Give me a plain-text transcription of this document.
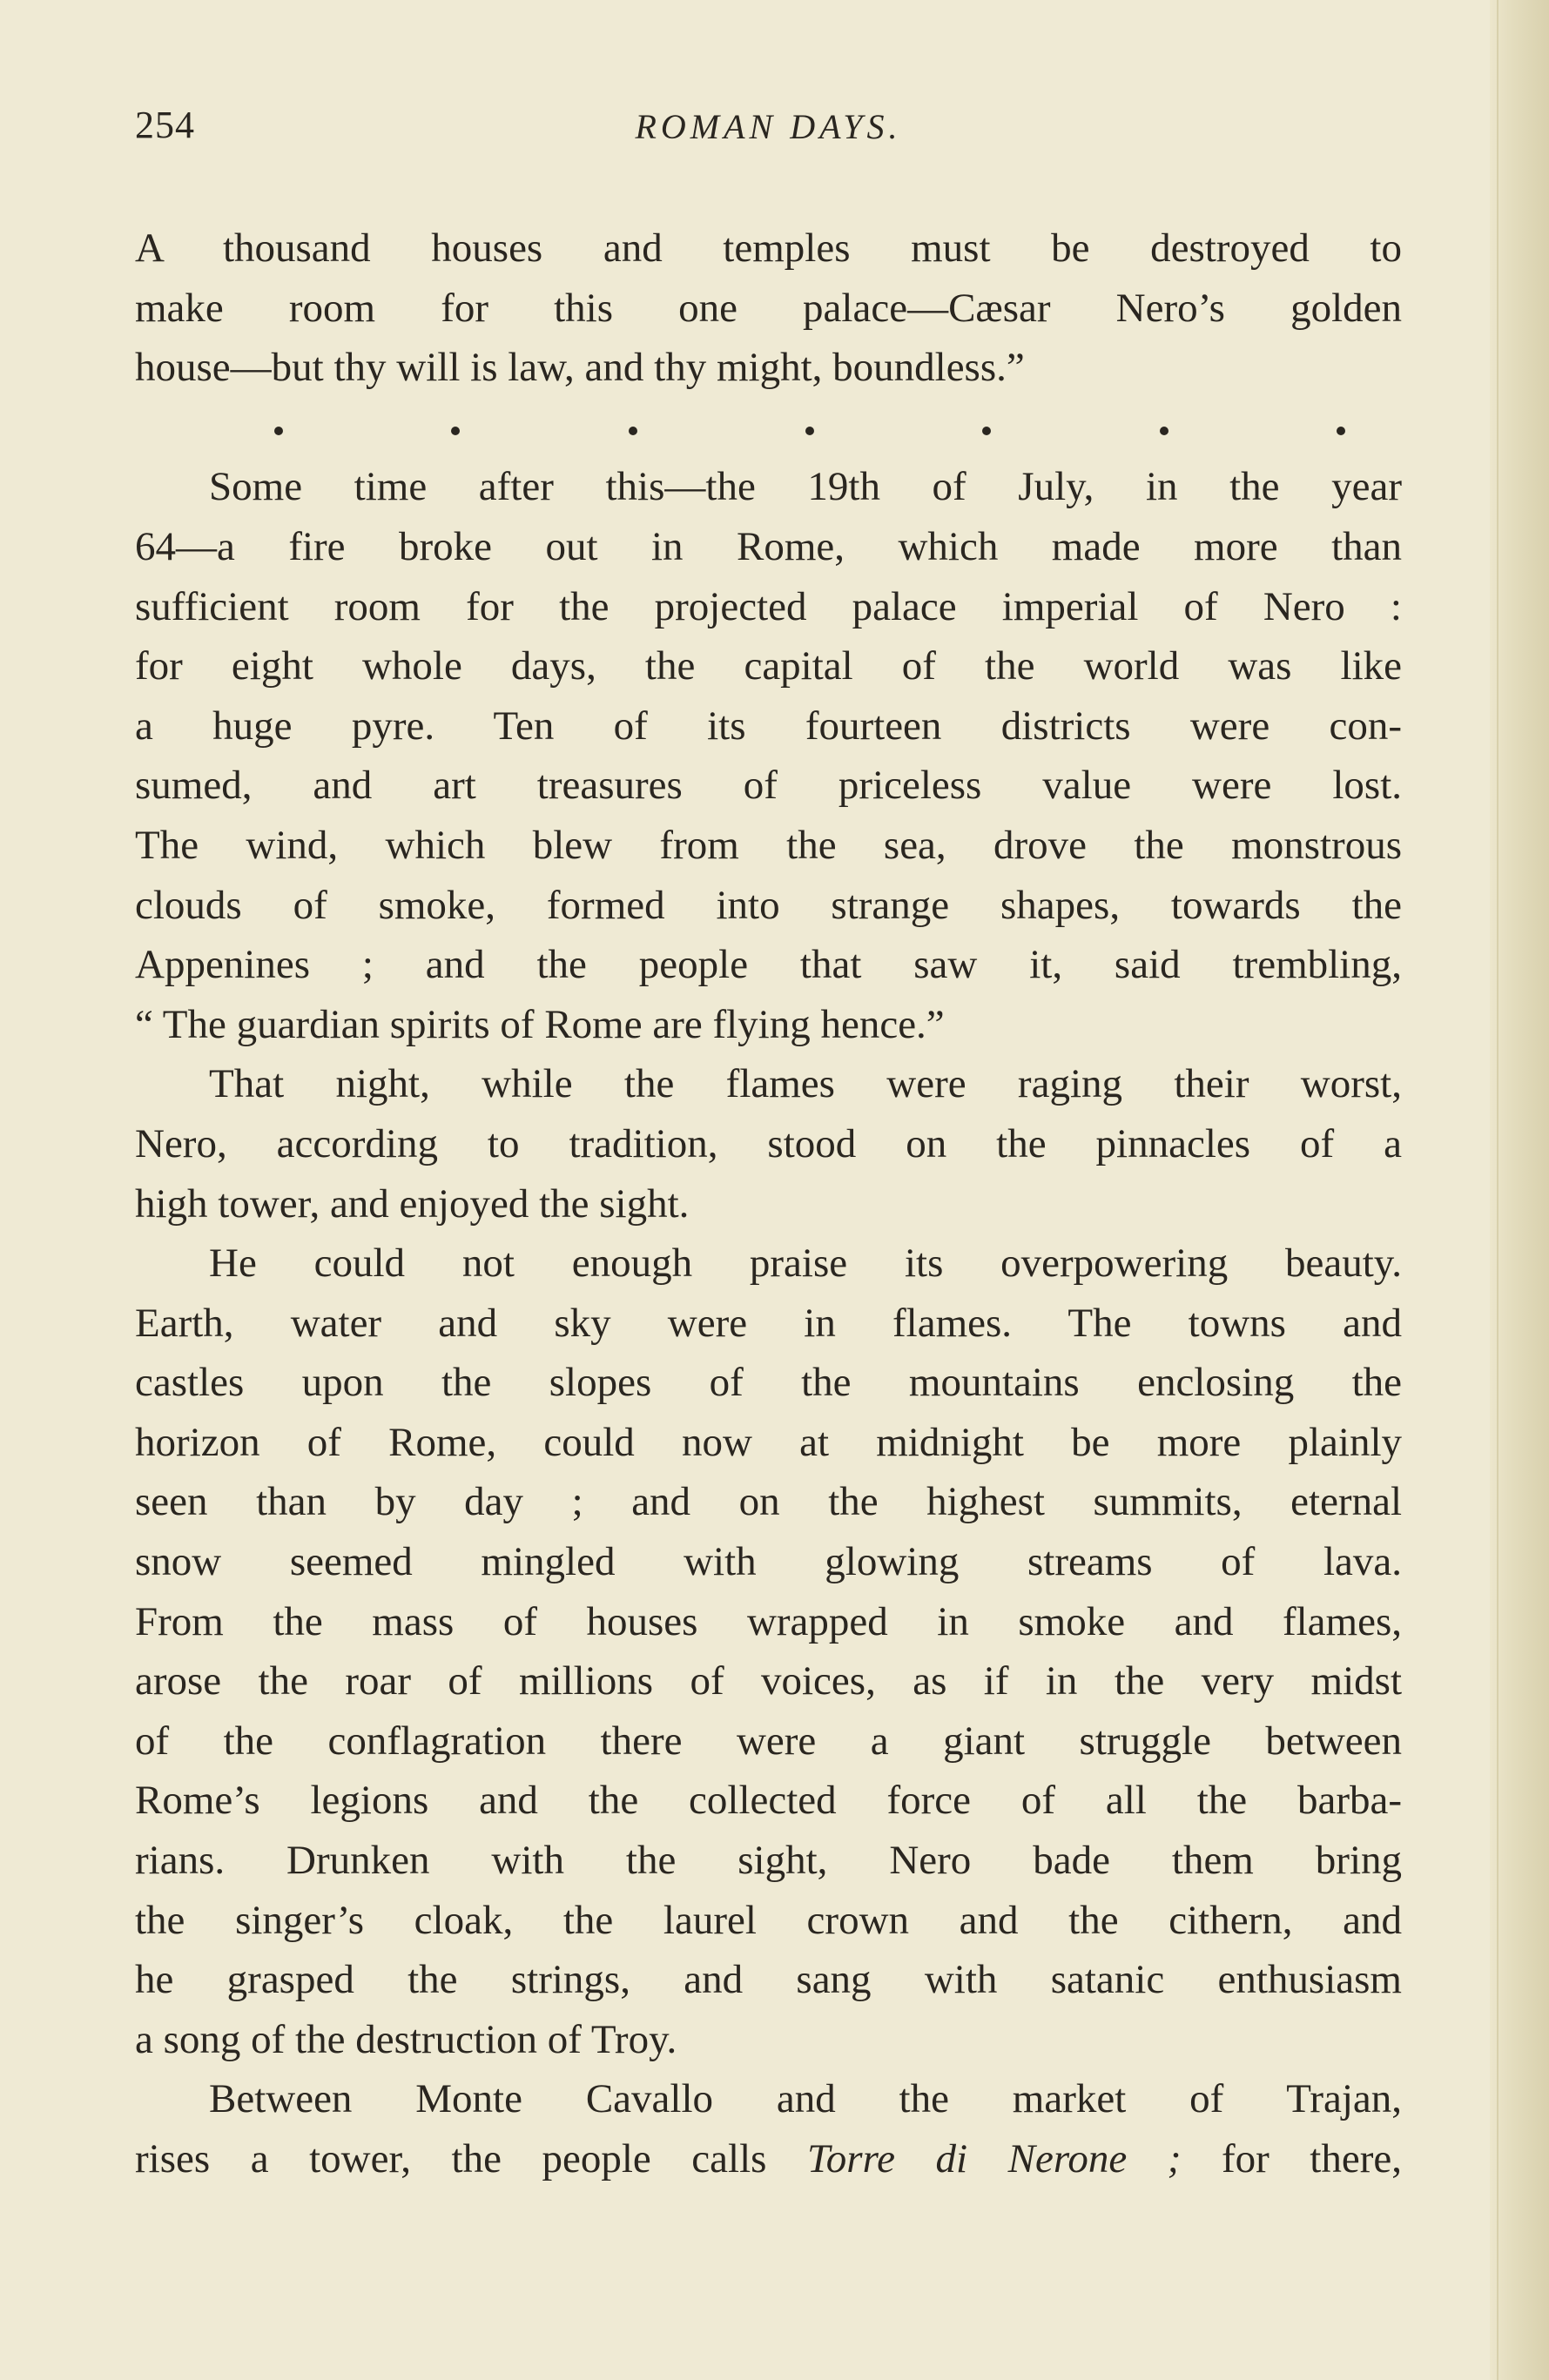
254	ROMAN DAYS.

A thousand houses and temples must be destroyed to

make room for this one palace—Cæsar Nero’s golden

house—but thy will is law, and thy might, boundless.”

Some time after this—the 19th of July, in the year

64—a fire broke out in Rome, which made more than

sufficient room for the projected palace imperial of Nero :

for eight whole days, the capital of the world was like

a huge pyre. Ten of its fourteen districts were con-

sumed, and art treasures of priceless value were lost.

The wind, which blew from the sea, drove the monstrous

clouds of smoke, formed into strange shapes, towards the

Appenines ; and the people that saw it, said trembling,

“ The guardian spirits of Rome are flying hence.”

That night, while the flames were raging their worst,

Nero, according to tradition, stood on the pinnacles of a

high tower, and enjoyed the sight.

He could not enough praise its overpowering beauty.

Earth, water and sky were in flames. The towns and

castles upon the slopes of the mountains enclosing the

horizon of Rome, could now at midnight be more plainly

seen than by day ; and on the highest summits, eternal

snow seemed mingled with glowing streams of lava.

From the mass of houses wrapped in smoke and flames,

arose the roar of millions of voices, as if in the very midst

of the conflagration there were a giant struggle between

Rome’s legions and the collected force of all the barba-

rians. Drunken with the sight, Nero bade them bring

the singer’s cloak, the laurel crown and the cithern, and

he grasped the strings, and sang with satanic enthusiasm

a song of the destruction of Troy.

Between Monte Cavallo and the market of Trajan,

rises a tower, the people calls Torre di Nerone ; for there,
